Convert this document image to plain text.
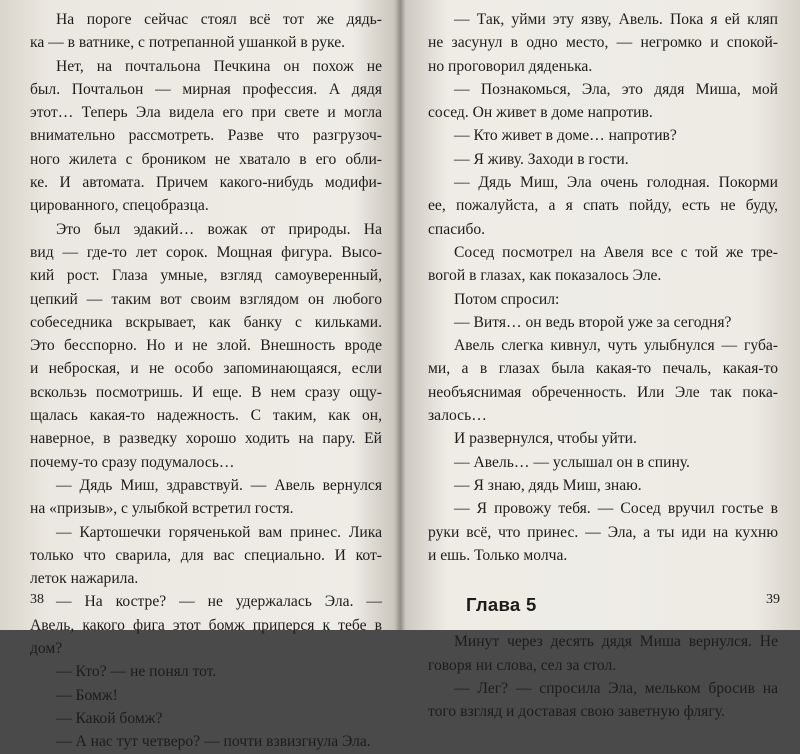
На пороге сейчас стоял всё тот же дядь-
ка — в ватнике, с потрепанной ушанкой в руке.

Нет, на почтальона Печкина он похож не
был. Почтальон — мирная профессия. А дядя
этот… Теперь Эла видела его при свете и могла
внимательно рассмотреть. Разве что разгрузоч-
ного жилета с броником не хватало в его обли-
ке. И автомата. Причем какого-нибудь модифи-
цированного, спецобразца.

Это был эдакий… вожак от природы. На
вид — где-то лет сорок. Мощная фигура. Высо-
кий рост. Глаза умные, взгляд самоуверенный,
цепкий — таким вот своим взглядом он любого
собеседника вскрывает, как банку с кильками.
Это бесспорно. Но и не злой. Внешность вроде
и неброская, и не особо запоминающаяся, если
вскользь посмотришь. И еще. В нем сразу ощу-
щалась какая-то надежность. С таким, как он,
наверное, в разведку хорошо ходить на пару. Ей
почему-то сразу подумалось…

— Дядь Миш, здравствуй. — Авель вернулся
на «призыв», с улыбкой встретил гостя.

— Картошечки горяченькой вам принес. Лика
только что сварила, для вас специально. И кот-
леток нажарила.

— На костре? — не удержалась Эла. —
Авель, какого фига этот бомж приперся к тебе в
дом?

— Кто? — не понял тот.

— Бомж!

— Какой бомж?

— А нас тут четверо? — почти взвизгнула Эла.

38

— Так, уйми эту язву, Авель. Пока я ей кляп
не засунул в одно место, — негромко и спокой-
но проговорил дяденька.

— Познакомься, Эла, это дядя Миша, мой
сосед. Он живет в доме напротив.

— Кто живет в доме… напротив?

— Я живу. Заходи в гости.

— Дядь Миш, Эла очень голодная. Покорми
ее, пожалуйста, а я спать пойду, есть не буду,
спасибо.

Сосед посмотрел на Авеля все с той же тре-
вогой в глазах, как показалось Эле.

Потом спросил:

— Витя… он ведь второй уже за сегодня?

Авель слегка кивнул, чуть улыбнулся — губа-
ми, а в глазах была какая-то печаль, какая-то
необъяснимая обреченность. Или Эле так пока-
залось…

И развернулся, чтобы уйти.

— Авель… — услышал он в спину.

— Я знаю, дядь Миш, знаю.

— Я провожу тебя. — Сосед вручил гостье в
руки всё, что принес. — Эла, а ты иди на кухню
и ешь. Только молча.

Глава 5

Минут через десять дядя Миша вернулся. Не
говоря ни слова, сел за стол.

— Лег? — спросила Эла, мельком бросив на
того взгляд и доставая свою заветную флягу.

39
